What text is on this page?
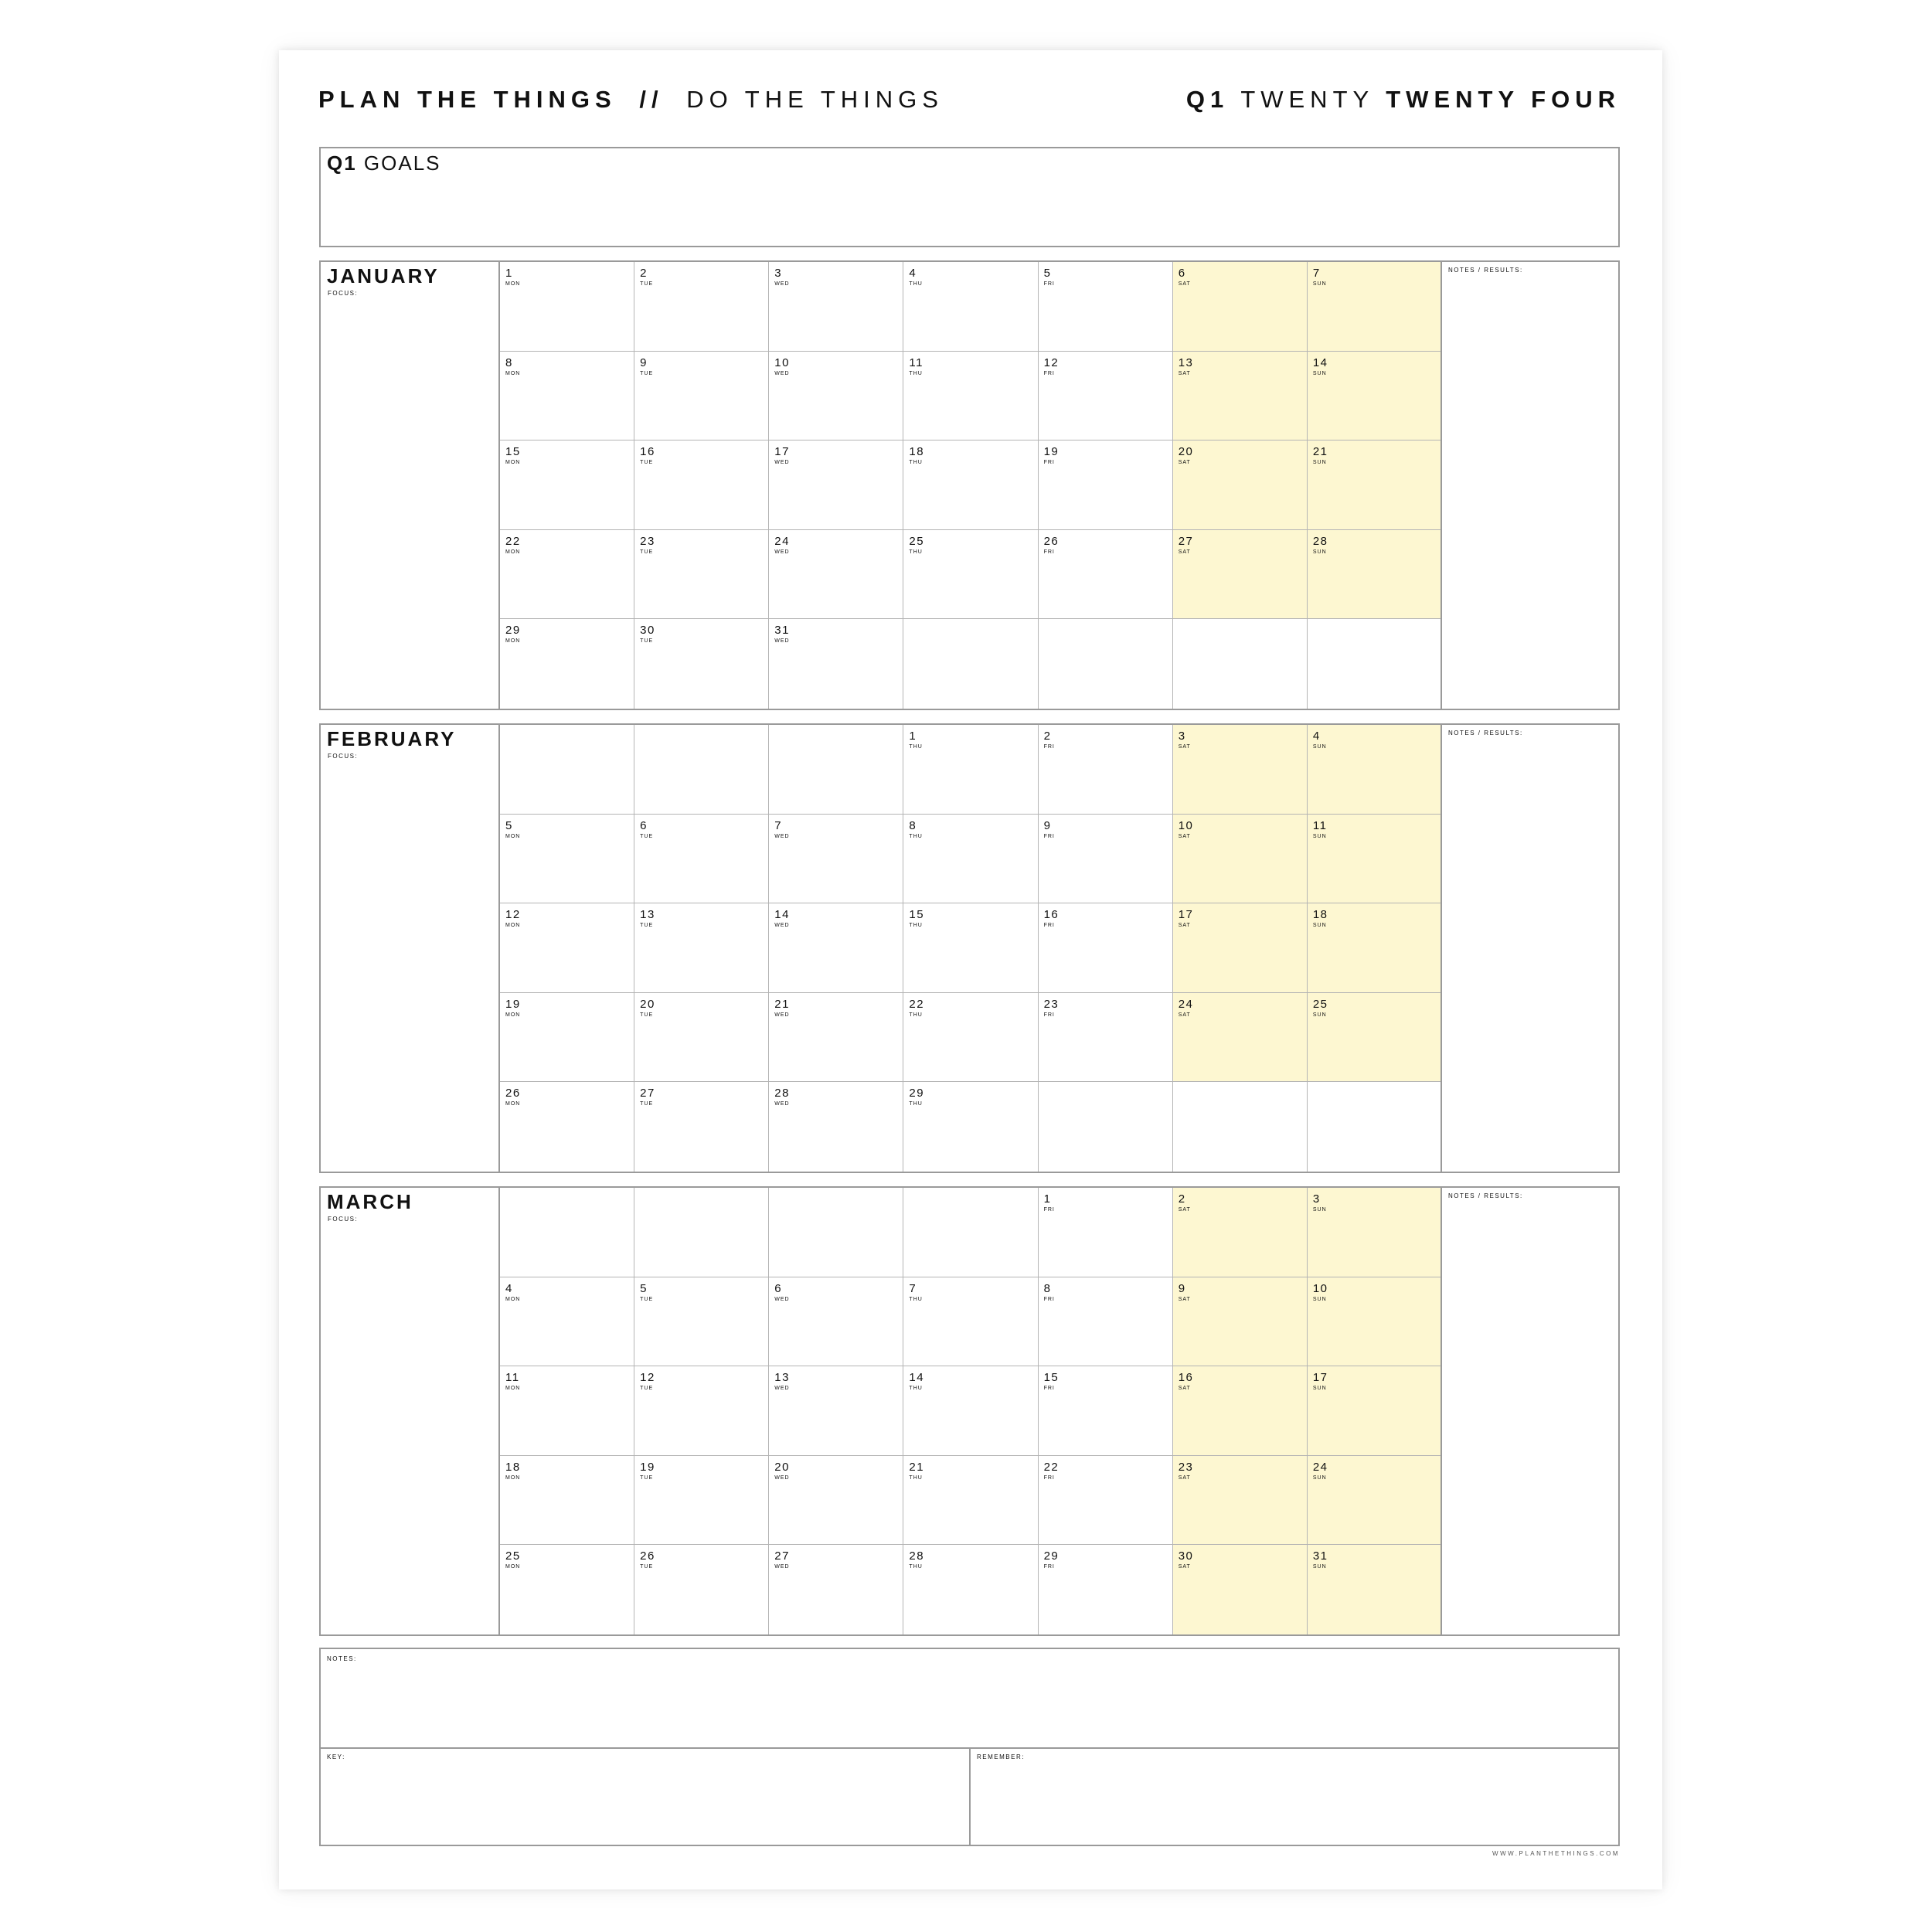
PLAN THE THINGS // DO THE THINGS	Q1 TWENTY TWENTY FOUR
Q1 GOALS
JANUARY
FOCUS:
1
MON
2
TUE
3
WED
4
THU
5
FRI
6
SAT
7
SUN
8
MON
9
TUE
10
WED
11
THU
12
FRI
13
SAT
14
SUN
15
MON
16
TUE
17
WED
18
THU
19
FRI
20
SAT
21
SUN
22
MON
23
TUE
24
WED
25
THU
26
FRI
27
SAT
28
SUN
29
MON
30
TUE
31
WED
NOTES / RESULTS:
FEBRUARY
FOCUS:
1
THU
2
FRI
3
SAT
4
SUN
5
MON
6
TUE
7
WED
8
THU
9
FRI
10
SAT
11
SUN
12
MON
13
TUE
14
WED
15
THU
16
FRI
17
SAT
18
SUN
19
MON
20
TUE
21
WED
22
THU
23
FRI
24
SAT
25
SUN
26
MON
27
TUE
28
WED
29
THU
NOTES / RESULTS:
MARCH
FOCUS:
1
FRI
2
SAT
3
SUN
4
MON
5
TUE
6
WED
7
THU
8
FRI
9
SAT
10
SUN
11
MON
12
TUE
13
WED
14
THU
15
FRI
16
SAT
17
SUN
18
MON
19
TUE
20
WED
21
THU
22
FRI
23
SAT
24
SUN
25
MON
26
TUE
27
WED
28
THU
29
FRI
30
SAT
31
SUN
NOTES / RESULTS:
NOTES:
KEY:	REMEMBER:
WWW.PLANTHETHINGS.COM
